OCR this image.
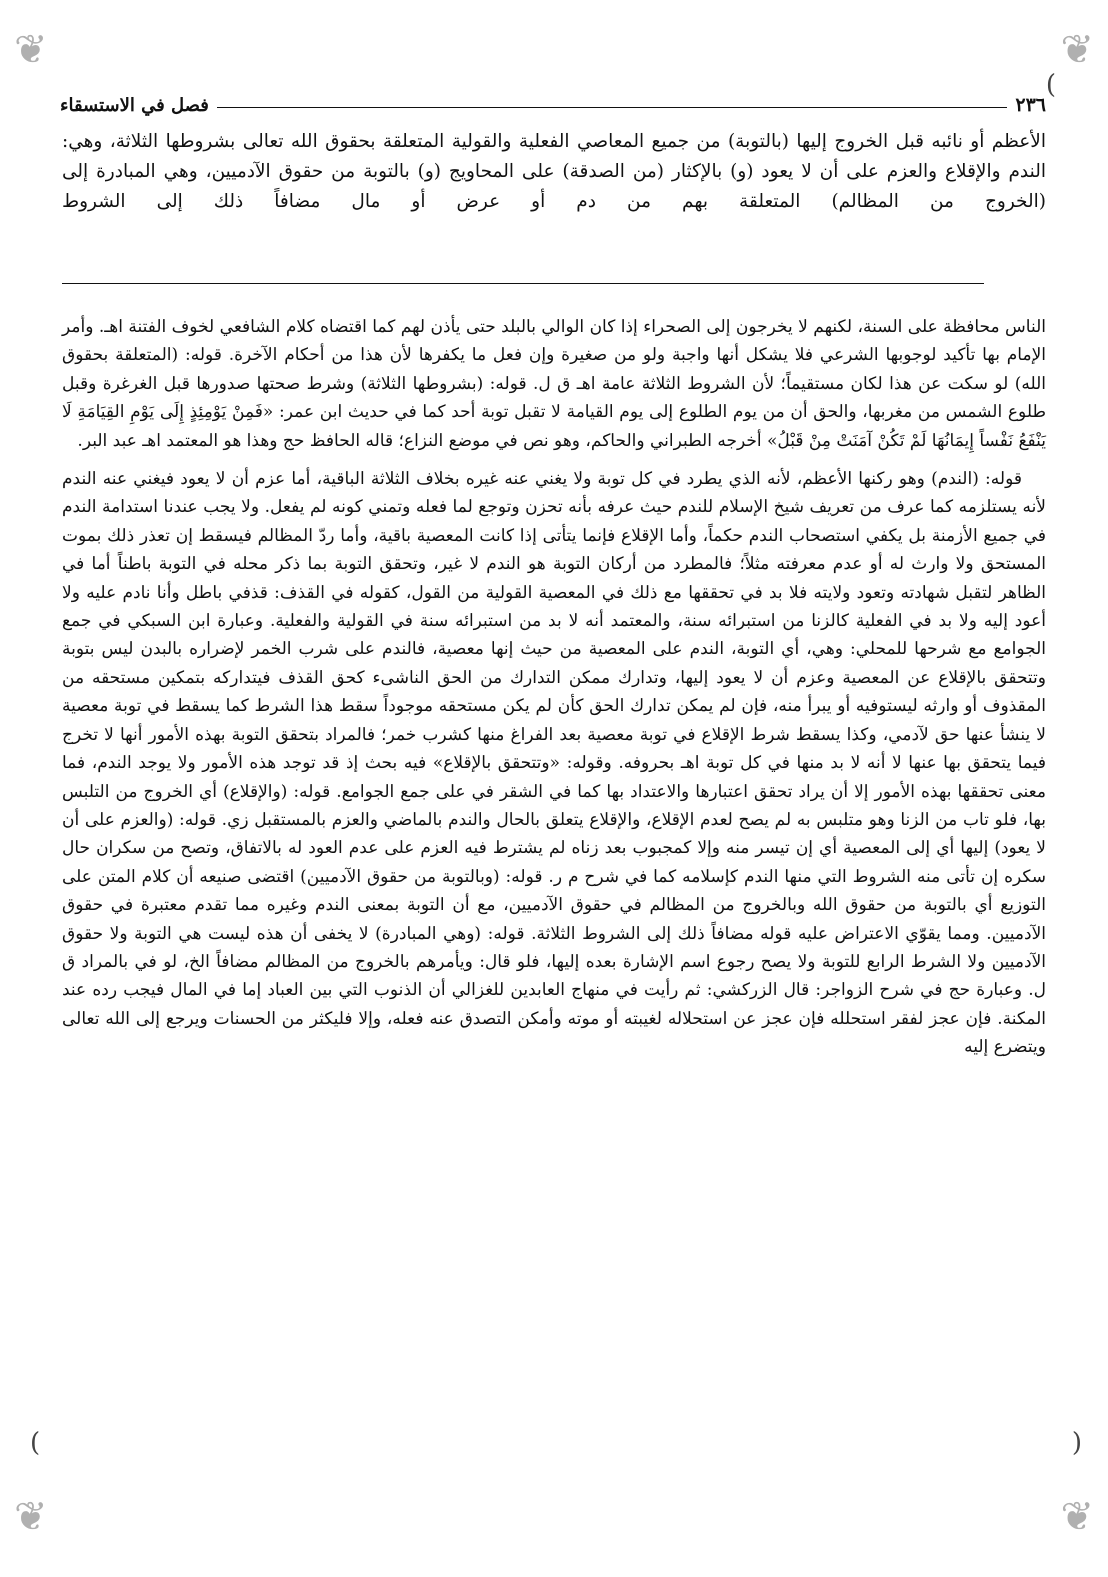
❦	❦
❦	❦
)
(
)
٢٣٦
فصل في الاستسقاء

الأعظم أو نائبه قبل الخروج إليها (بالتوبة) من جميع المعاصي الفعلية والقولية المتعلقة بحقوق الله تعالى بشروطها الثلاثة، وهي: الندم والإقلاع والعزم على أن لا يعود (و) بالإكثار (من الصدقة) على المحاويج (و) بالتوبة من حقوق الآدميين، وهي المبادرة إلى (الخروج من المظالم) المتعلقة بهم من دم أو عرض أو مال مضافاً ذلك إلى الشروط

الناس محافظة على السنة، لكنهم لا يخرجون إلى الصحراء إذا كان الوالي بالبلد حتى يأذن لهم كما اقتضاه كلام الشافعي لخوف الفتنة اهـ. وأمر الإمام بها تأكيد لوجوبها الشرعي فلا يشكل أنها واجبة ولو من صغيرة وإن فعل ما يكفرها لأن هذا من أحكام الآخرة. قوله: (المتعلقة بحقوق الله) لو سكت عن هذا لكان مستقيماً؛ لأن الشروط الثلاثة عامة اهـ ق ل. قوله: (بشروطها الثلاثة) وشرط صحتها صدورها قبل الغرغرة وقبل طلوع الشمس من مغربها، والحق أن من يوم الطلوع إلى يوم القيامة لا تقبل توبة أحد كما في حديث ابن عمر: «فَمِنْ يَوْمِئِذٍ إِلَى يَوْمِ القِيَامَةِ لَا يَنْفَعُ نَفْساً إِيمَانُهَا لَمْ تَكُنْ آمَنَتْ مِنْ قَبْلُ» أخرجه الطبراني والحاكم، وهو نص في موضع النزاع؛ قاله الحافظ حج وهذا هو المعتمد اهـ عبد البر.

قوله: (الندم) وهو ركنها الأعظم، لأنه الذي يطرد في كل توبة ولا يغني عنه غيره بخلاف الثلاثة الباقية، أما عزم أن لا يعود فيغني عنه الندم لأنه يستلزمه كما عرف من تعريف شيخ الإسلام للندم حيث عرفه بأنه تحزن وتوجع لما فعله وتمني كونه لم يفعل. ولا يجب عندنا استدامة الندم في جميع الأزمنة بل يكفي استصحاب الندم حكماً، وأما الإقلاع فإنما يتأتى إذا كانت المعصية باقية، وأما ردّ المظالم فيسقط إن تعذر ذلك بموت المستحق ولا وارث له أو عدم معرفته مثلاً؛ فالمطرد من أركان التوبة هو الندم لا غير، وتحقق التوبة بما ذكر محله في التوبة باطناً أما في الظاهر لتقبل شهادته وتعود ولايته فلا بد في تحققها مع ذلك في المعصية القولية من القول، كقوله في القذف: قذفي باطل وأنا نادم عليه ولا أعود إليه ولا بد في الفعلية كالزنا من استبرائه سنة، والمعتمد أنه لا بد من استبرائه سنة في القولية والفعلية. وعبارة ابن السبكي في جمع الجوامع مع شرحها للمحلي: وهي، أي التوبة، الندم على المعصية من حيث إنها معصية، فالندم على شرب الخمر لإضراره بالبدن ليس بتوبة وتتحقق بالإقلاع عن المعصية وعزم أن لا يعود إليها، وتدارك ممكن التدارك من الحق الناشىء كحق القذف فيتداركه بتمكين مستحقه من المقذوف أو وارثه ليستوفيه أو يبرأ منه، فإن لم يمكن تدارك الحق كأن لم يكن مستحقه موجوداً سقط هذا الشرط كما يسقط في توبة معصية لا ينشأ عنها حق لآدمي، وكذا يسقط شرط الإقلاع في توبة معصية بعد الفراغ منها كشرب خمر؛ فالمراد بتحقق التوبة بهذه الأمور أنها لا تخرج فيما يتحقق بها عنها لا أنه لا بد منها في كل توبة اهـ بحروفه. وقوله: «وتتحقق بالإقلاع» فيه بحث إذ قد توجد هذه الأمور ولا يوجد الندم، فما معنى تحققها بهذه الأمور إلا أن يراد تحقق اعتبارها والاعتداد بها كما في الشقر في على جمع الجوامع. قوله: (والإقلاع) أي الخروج من التلبس بها، فلو تاب من الزنا وهو متلبس به لم يصح لعدم الإقلاع، والإقلاع يتعلق بالحال والندم بالماضي والعزم بالمستقبل زي. قوله: (والعزم على أن لا يعود) إليها أي إلى المعصية أي إن تيسر منه وإلا كمجبوب بعد زناه لم يشترط فيه العزم على عدم العود له بالاتفاق، وتصح من سكران حال سكره إن تأتى منه الشروط التي منها الندم كإسلامه كما في شرح م ر. قوله: (وبالتوبة من حقوق الآدميين) اقتضى صنيعه أن كلام المتن على التوزيع أي بالتوبة من حقوق الله وبالخروج من المظالم في حقوق الآدميين، مع أن التوبة بمعنى الندم وغيره مما تقدم معتبرة في حقوق الآدميين. ومما يقوّي الاعتراض عليه قوله مضافاً ذلك إلى الشروط الثلاثة. قوله: (وهي المبادرة) لا يخفى أن هذه ليست هي التوبة ولا حقوق الآدميين ولا الشرط الرابع للتوبة ولا يصح رجوع اسم الإشارة بعده إليها، فلو قال: ويأمرهم بالخروج من المظالم مضافاً الخ، لو في بالمراد ق ل. وعبارة حج في شرح الزواجر: قال الزركشي: ثم رأيت في منهاج العابدين للغزالي أن الذنوب التي بين العباد إما في المال فيجب رده عند المكنة. فإن عجز لفقر استحلله فإن عجز عن استحلاله لغيبته أو موته وأمكن التصدق عنه فعله، وإلا فليكثر من الحسنات ويرجع إلى الله تعالى ويتضرع إليه
